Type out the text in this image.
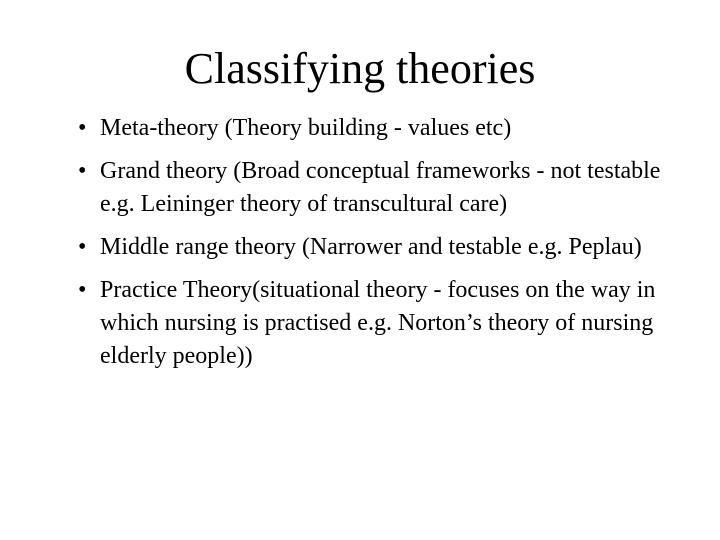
Classifying theories
• Meta-theory (Theory building - values etc)
• Grand theory (Broad conceptual frameworks - not testable e.g. Leininger theory of transcultural care)
• Middle range theory (Narrower and testable e.g. Peplau)
• Practice Theory(situational theory - focuses on the way in which nursing is practised e.g. Norton’s theory of nursing elderly people))
